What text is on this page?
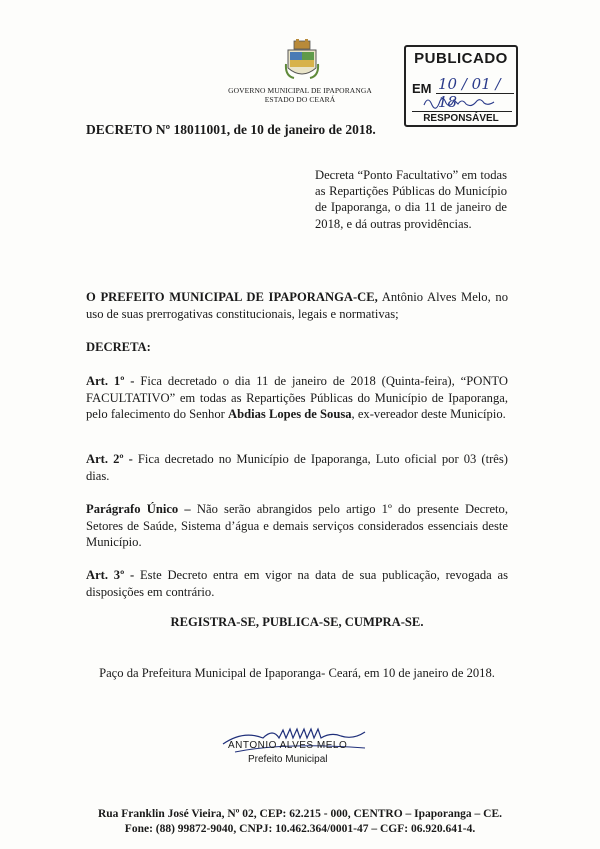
GOVERNO MUNICIPAL DE IPAPORANGA
ESTADO DO CEARÁ
PUBLICADO
EM 10 / 01 / 18
RESPONSÁVEL
DECRETO Nº 18011001, de 10 de janeiro de 2018.
Decreta “Ponto Facultativo” em todas as Repartições Públicas do Município de Ipaporanga, o dia 11 de janeiro de 2018, e dá outras providências.
O PREFEITO MUNICIPAL DE IPAPORANGA-CE, Antônio Alves Melo, no uso de suas prerrogativas constitucionais, legais e normativas;
DECRETA:
Art. 1º - Fica decretado o dia 11 de janeiro de 2018 (Quinta-feira), “PONTO FACULTATIVO” em todas as Repartições Públicas do Município de Ipaporanga, pelo falecimento do Senhor Abdias Lopes de Sousa, ex-vereador deste Município.
Art. 2º - Fica decretado no Município de Ipaporanga, Luto oficial por 03 (três) dias.
Parágrafo Único – Não serão abrangidos pelo artigo 1º do presente Decreto, Setores de Saúde, Sistema d’água e demais serviços considerados essenciais deste Município.
Art. 3º - Este Decreto entra em vigor na data de sua publicação, revogada as disposições em contrário.
REGISTRA-SE, PUBLICA-SE, CUMPRA-SE.
Paço da Prefeitura Municipal de Ipaporanga- Ceará, em 10 de janeiro de 2018.
ANTONIO ALVES MELO
Prefeito Municipal
Rua Franklin José Vieira, Nº 02, CEP: 62.215 - 000, CENTRO – Ipaporanga – CE.
Fone: (88) 99872-9040, CNPJ: 10.462.364/0001-47 – CGF: 06.920.641-4.
